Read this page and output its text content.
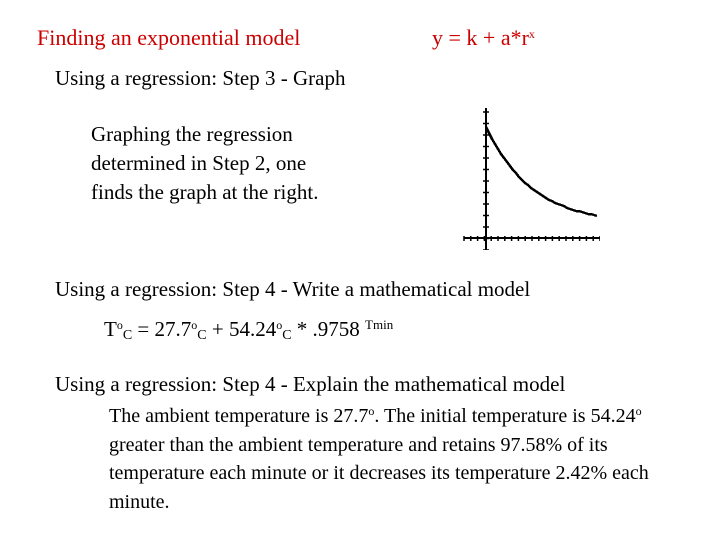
Finding an exponential model	$y = k + a*r^x$
Using a regression: Step 3 - Graph
Graphing the regression determined in Step 2, one finds the graph at the right.
Using a regression: Step 4 - Write a mathematical model
$T^o_C = 27.7^o_C + 54.24^o_C * .9758$ $^{Tmin}$
Using a regression: Step 4 - Explain the mathematical model
The ambient temperature is 27.7$^o$. The initial temperature is 54.24$^o$ greater than the ambient temperature and retains 97.58% of its temperature each minute or it decreases its temperature 2.42% each minute.
